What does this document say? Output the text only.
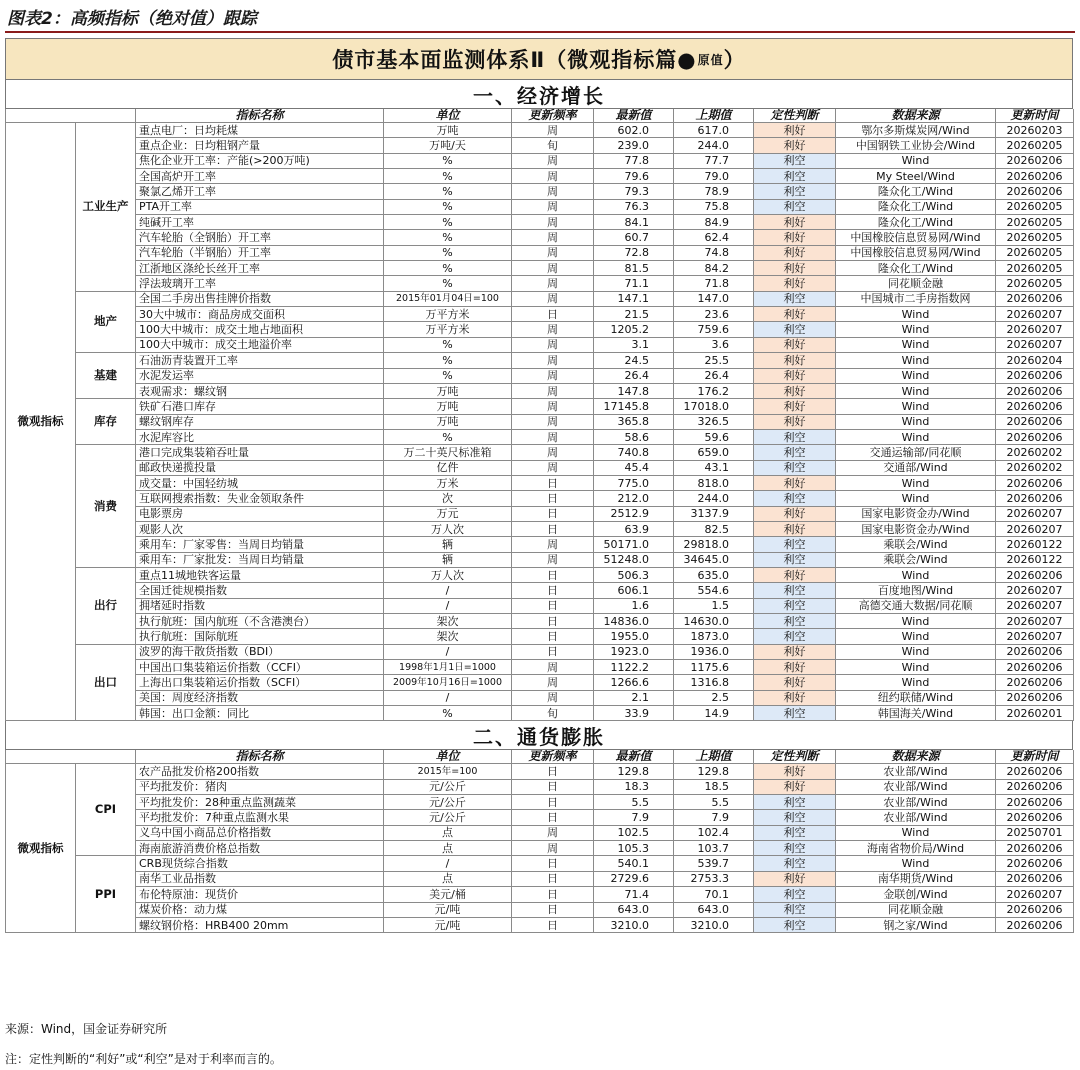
图表2：高频指标（绝对值）跟踪
债市基本面监测体系Ⅱ（微观指标篇● 原值 ）
一、经济增长
		指标名称	单位	更新频率	最新值	上期值	定性判断	数据来源	更新时间
微观指标	工业生产	重点电厂：日均耗煤	万吨	周	602.0	617.0	利好	鄂尔多斯煤炭网/Wind	20260203
		重点企业：日均粗钢产量	万吨/天	旬	239.0	244.0	利好	中国钢铁工业协会/Wind	20260205
		焦化企业开工率：产能(>200万吨)	%	周	77.8	77.7	利空	Wind	20260206
		全国高炉开工率	%	周	79.6	79.0	利空	My Steel/Wind	20260206
		聚氯乙烯开工率	%	周	79.3	78.9	利空	隆众化工/Wind	20260206
		PTA开工率	%	周	76.3	75.8	利空	隆众化工/Wind	20260205
		纯碱开工率	%	周	84.1	84.9	利好	隆众化工/Wind	20260205
		汽车轮胎（全钢胎）开工率	%	周	60.7	62.4	利好	中国橡胶信息贸易网/Wind	20260205
		汽车轮胎（半钢胎）开工率	%	周	72.8	74.8	利好	中国橡胶信息贸易网/Wind	20260205
		江浙地区涤纶长丝开工率	%	周	81.5	84.2	利好	隆众化工/Wind	20260205
		浮法玻璃开工率	%	周	71.1	71.8	利好	同花顺金融	20260205
	地产	全国二手房出售挂牌价指数	2015年01月04日=100	周	147.1	147.0	利空	中国城市二手房指数网	20260206
		30大中城市：商品房成交面积	万平方米	日	21.5	23.6	利好	Wind	20260207
		100大中城市：成交土地占地面积	万平方米	周	1205.2	759.6	利空	Wind	20260207
		100大中城市：成交土地溢价率	%	周	3.1	3.6	利好	Wind	20260207
	基建	石油沥青装置开工率	%	周	24.5	25.5	利好	Wind	20260204
		水泥发运率	%	周	26.4	26.4	利好	Wind	20260206
		表观需求：螺纹钢	万吨	周	147.8	176.2	利好	Wind	20260206
	库存	铁矿石港口库存	万吨	周	17145.8	17018.0	利好	Wind	20260206
		螺纹钢库存	万吨	周	365.8	326.5	利好	Wind	20260206
		水泥库容比	%	周	58.6	59.6	利空	Wind	20260206
	消费	港口完成集装箱吞吐量	万二十英尺标准箱	周	740.8	659.0	利空	交通运输部/同花顺	20260202
		邮政快递揽投量	亿件	周	45.4	43.1	利空	交通部/Wind	20260202
		成交量：中国轻纺城	万米	日	775.0	818.0	利好	Wind	20260206
		互联网搜索指数：失业金领取条件	次	日	212.0	244.0	利空	Wind	20260206
		电影票房	万元	日	2512.9	3137.9	利好	国家电影资金办/Wind	20260207
		观影人次	万人次	日	63.9	82.5	利好	国家电影资金办/Wind	20260207
		乘用车：厂家零售：当周日均销量	辆	周	50171.0	29818.0	利空	乘联会/Wind	20260122
		乘用车：厂家批发：当周日均销量	辆	周	51248.0	34645.0	利空	乘联会/Wind	20260122
	出行	重点11城地铁客运量	万人次	日	506.3	635.0	利好	Wind	20260206
		全国迁徙规模指数	/	日	606.1	554.6	利空	百度地图/Wind	20260207
		拥堵延时指数	/	日	1.6	1.5	利空	高德交通大数据/同花顺	20260207
		执行航班：国内航班（不含港澳台）	架次	日	14836.0	14630.0	利空	Wind	20260207
		执行航班：国际航班	架次	日	1955.0	1873.0	利空	Wind	20260207
	出口	波罗的海干散货指数（BDI）	/	日	1923.0	1936.0	利好	Wind	20260206
		中国出口集装箱运价指数（CCFI）	1998年1月1日=1000	周	1122.2	1175.6	利好	Wind	20260206
		上海出口集装箱运价指数（SCFI）	2009年10月16日=1000	周	1266.6	1316.8	利好	Wind	20260206
		美国：周度经济指数	/	周	2.1	2.5	利好	纽约联储/Wind	20260206
		韩国：出口金额：同比	%	旬	33.9	14.9	利空	韩国海关/Wind	20260201
二、通货膨胀
		指标名称	单位	更新频率	最新值	上期值	定性判断	数据来源	更新时间
微观指标	CPI	农产品批发价格200指数	2015年=100	日	129.8	129.8	利好	农业部/Wind	20260206
		平均批发价：猪肉	元/公斤	日	18.3	18.5	利好	农业部/Wind	20260206
		平均批发价：28种重点监测蔬菜	元/公斤	日	5.5	5.5	利空	农业部/Wind	20260206
		平均批发价：7种重点监测水果	元/公斤	日	7.9	7.9	利空	农业部/Wind	20260206
		义乌中国小商品总价格指数	点	周	102.5	102.4	利空	Wind	20250701
		海南旅游消费价格总指数	点	周	105.3	103.7	利空	海南省物价局/Wind	20260206
	PPI	CRB现货综合指数	/	日	540.1	539.7	利空	Wind	20260206
		南华工业品指数	点	日	2729.6	2753.3	利好	南华期货/Wind	20260206
		布伦特原油：现货价	美元/桶	日	71.4	70.1	利空	金联创/Wind	20260207
		煤炭价格：动力煤	元/吨	日	643.0	643.0	利空	同花顺金融	20260206
		螺纹钢价格：HRB400 20mm	元/吨	日	3210.0	3210.0	利空	钢之家/Wind	20260206
来源：Wind，国金证券研究所
注：定性判断的“利好”或“利空”是对于利率而言的。
